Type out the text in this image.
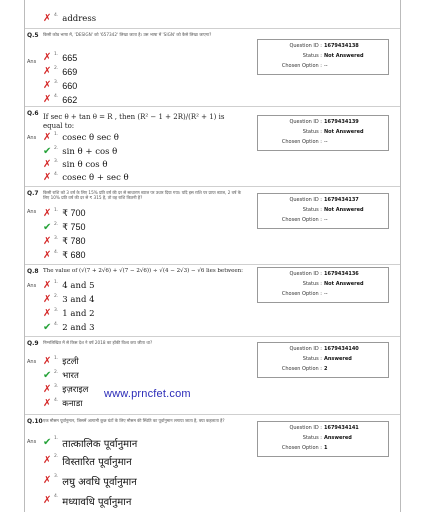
✗ 4. address
Q.5 किसी कोड भाषा में, 'DESIGN' को '657342' लिखा जाता है। उस भाषा में 'SIGN' को कैसे लिखा जाएगा?
Ans ✗ 1. 665
✗ 2. 669
✗ 3. 660
✗ 4. 662
Question ID : 1679434138
Status : Not Answered
Chosen Option : --
Q.6 If sec θ + tan θ = R , then (R² − 1 + 2R)/(R² + 1) is equal to:
Ans ✗ 1. cosec θ sec θ
✔ 2. sin θ + cos θ
✗ 3. sin θ cos θ
✗ 4. cosec θ + sec θ
Question ID : 1679434139
Status : Not Answered
Chosen Option : --
Q.7 किसी राशि को 3 वर्ष के लिए 15% प्रति वर्ष की दर से साधारण ब्याज पर उधार दिया गया। यदि इस राशि पर प्राप्त ब्याज, 2 वर्ष के लिए 10% प्रति वर्ष की दर से ₹ 315 है, तो वह राशि कितनी है?
Ans ✗ 1. ₹ 700
✔ 2. ₹ 750
✗ 3. ₹ 780
✗ 4. ₹ 680
Question ID : 1679434137
Status : Not Answered
Chosen Option : --
Q.8 The value of (√(7 + 2√6) + √(7 − 2√6)) ÷ √(4 − 2√3) − √6 lies between:
Ans ✗ 1. 4 and 5
✗ 2. 3 and 4
✗ 3. 1 and 2
✔ 4. 2 and 3
Question ID : 1679434136
Status : Not Answered
Chosen Option : --
Q.9 निम्नलिखित में से किस देश ने वर्ष 2018 का हॉकी विश्व कप जीता था?
Ans ✗ 1. इटली
✔ 2. भारत
✗ 3. इज़राइल
✗ 4. कनाडा
Question ID : 1679434140
Status : Answered
Chosen Option : 2
Q.10 एक मौसम पूर्वानुमान, जिसमें आगामी कुछ घंटों के लिए मौसम की स्थिति का पूर्वानुमान लगाया जाता है, क्या कहलाता है?
Ans ✔ 1.
तात्कालिक पूर्वानुमान
✗ 2.
विस्तारित पूर्वानुमान
✗ 3.
लघु अवधि पूर्वानुमान
✗ 4.
मध्यावधि पूर्वानुमान
Question ID : 1679434141
Status : Answered
Chosen Option : 1
www.prncfet.com
